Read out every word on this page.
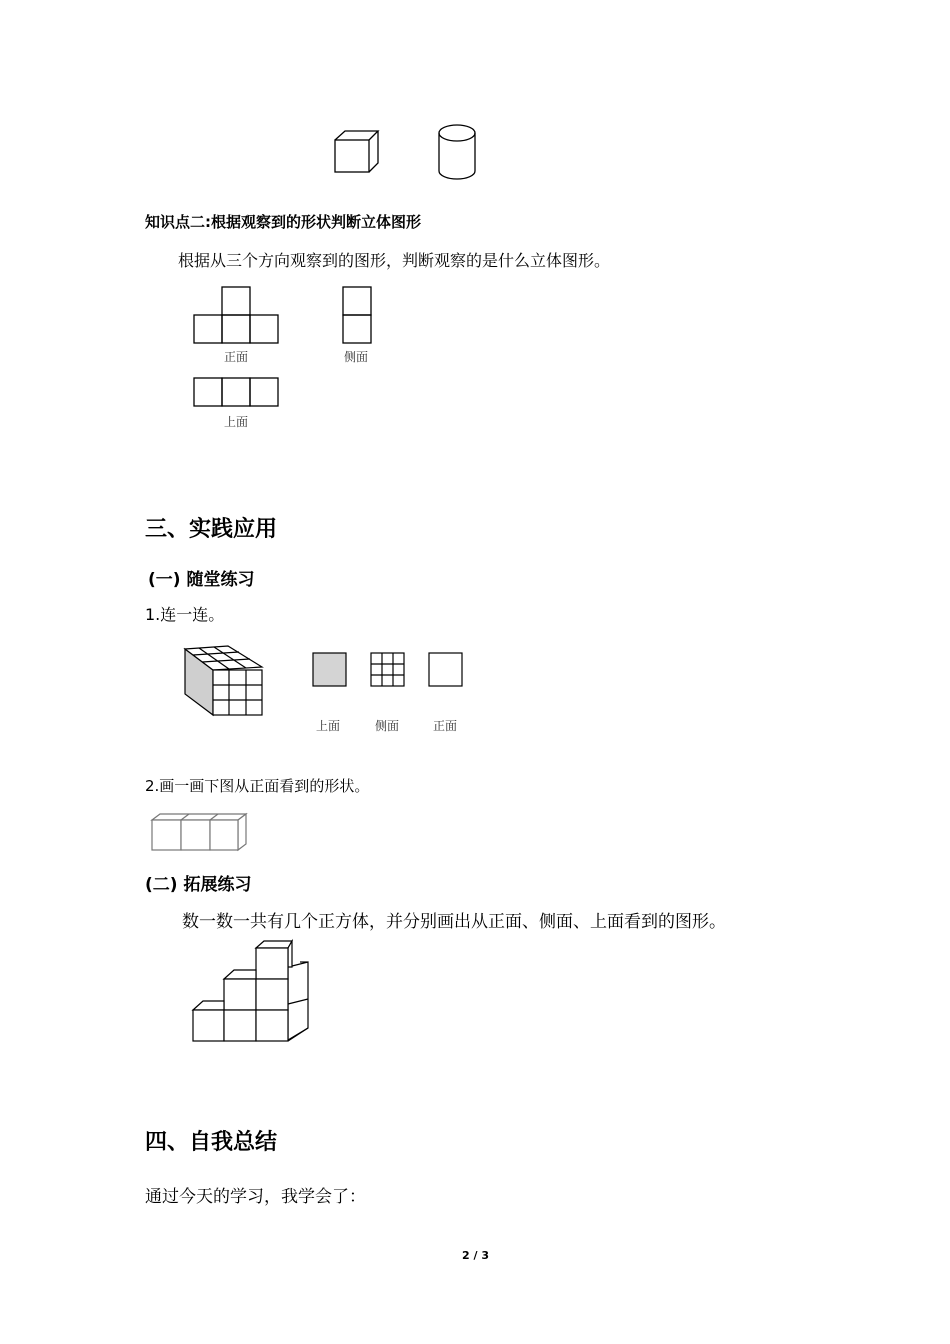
知识点二:根据观察到的形状判断立体图形
根据从三个方向观察到的图形，判断观察的是什么立体图形。
正面	侧面
上面
三、实践应用
(一) 随堂练习
1.连一连。
上面	侧面	正面
2.画一画下图从正面看到的形状。
(二) 拓展练习
数一数一共有几个正方体，并分别画出从正面、侧面、上面看到的图形。
四、自我总结
通过今天的学习，我学会了：
2 / 3
